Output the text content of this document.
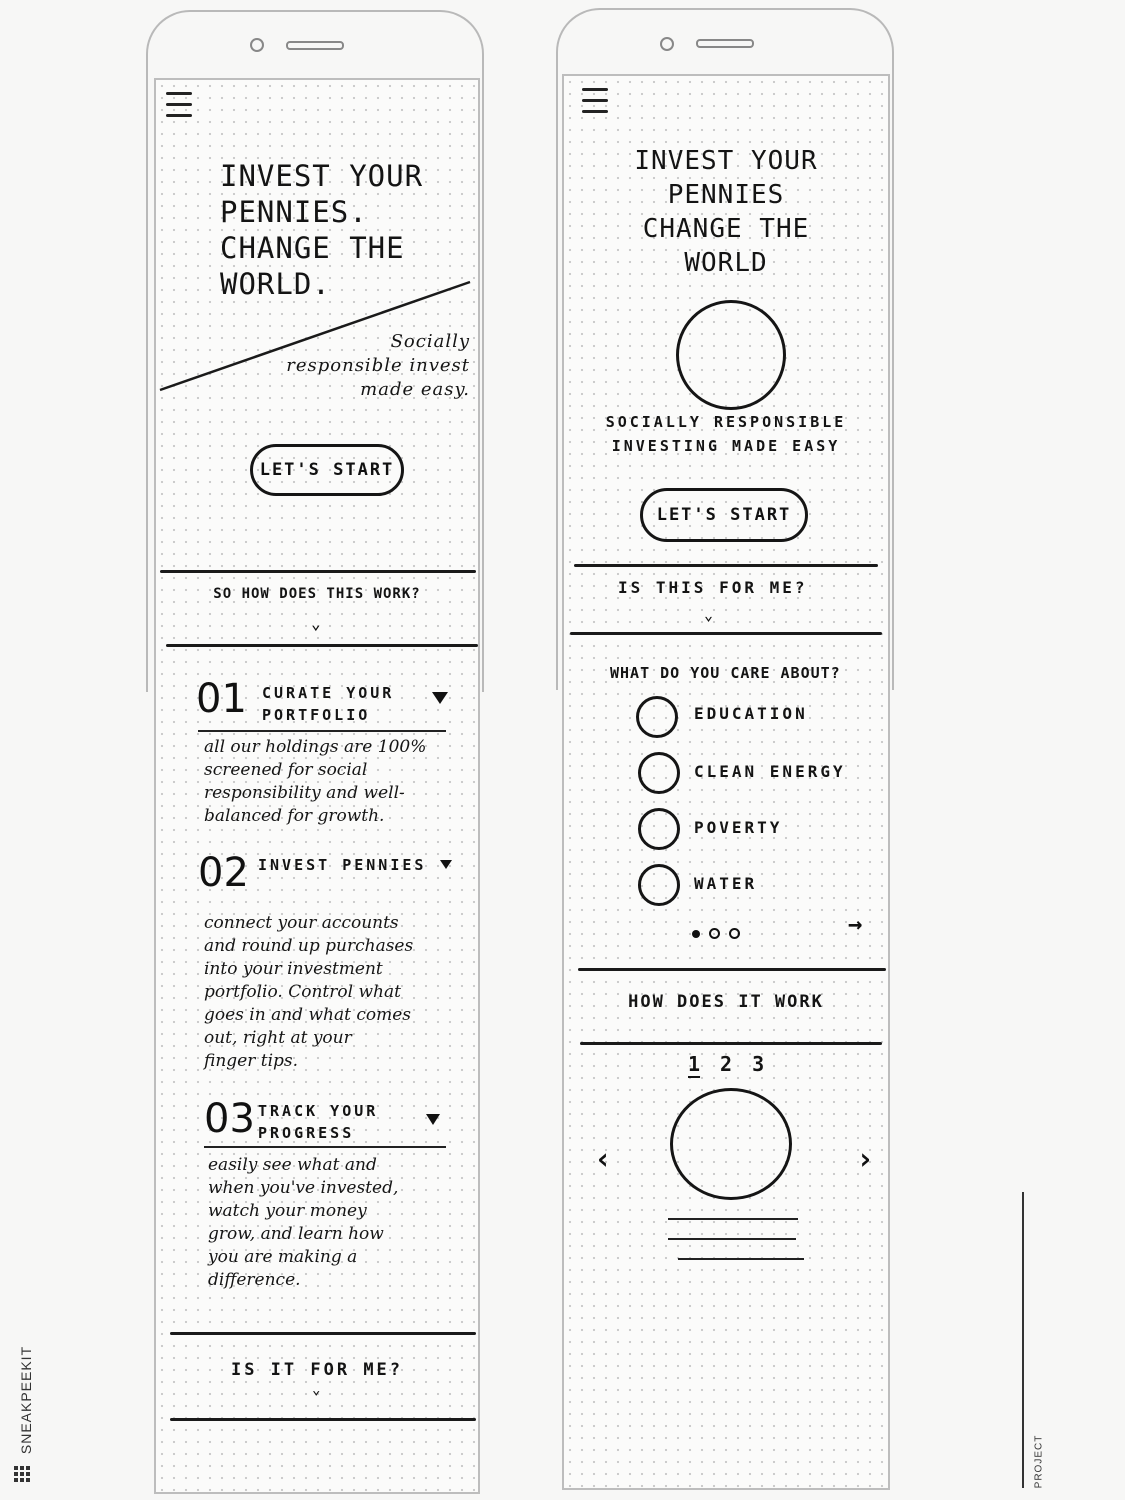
INVEST YOUR
PENNIES.
CHANGE THE
WORLD.
Socially
responsible invest
made easy.
LET'S START
SO HOW DOES THIS WORK?
⌄
01 CURATE YOUR
PORTFOLIO
all our holdings are 100%
screened for social
responsibility and well-
balanced for growth.
02 INVEST PENNIES
connect your accounts
and round up purchases
into your investment
portfolio. Control what
goes in and what comes
out, right at your
finger tips.
03 TRACK YOUR
PROGRESS
easily see what and
when you've invested,
watch your money
grow, and learn how
you are making a
difference.
IS IT FOR ME?
⌄
INVEST YOUR
PENNIES
CHANGE THE
WORLD
SOCIALLY RESPONSIBLE
INVESTING MADE EASY
LET'S START
IS THIS FOR ME?
⌄
WHAT DO YOU CARE ABOUT?
EDUCATION
CLEAN ENERGY
POVERTY
WATER
→
HOW DOES IT WORK
1 2 3
‹	›
SNEAKPEEKIT
PROJECT
